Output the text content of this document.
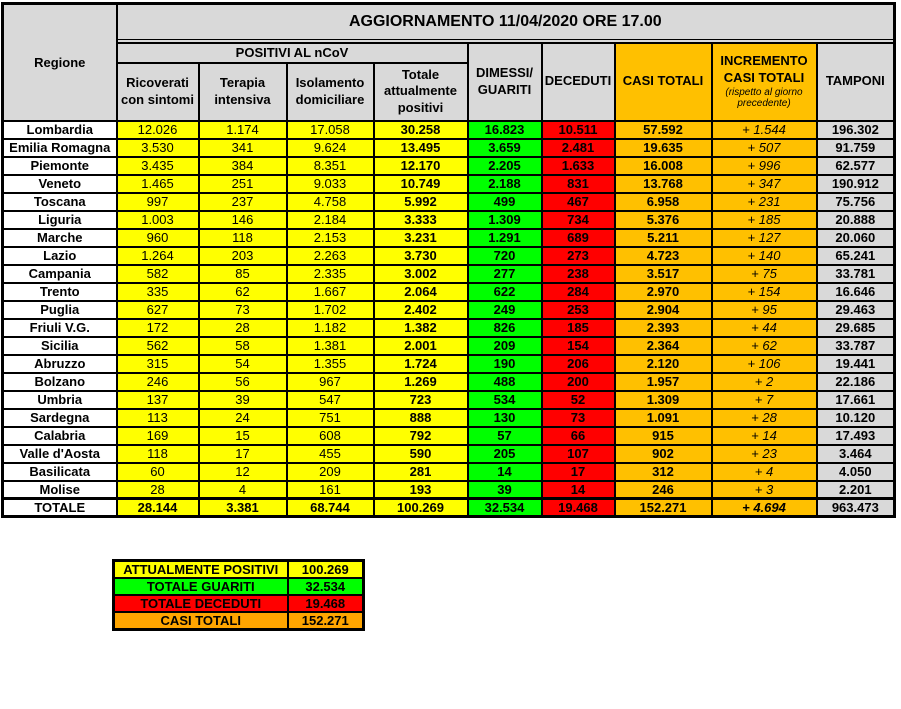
Regione	AGGIORNAMENTO 11/04/2020 ORE 17.00								

	POSITIVI AL nCoV				DIMESSI/ GUARITI	DECEDUTI	CASI TOTALI	INCREMENTO CASI TOTALI
(rispetto al giorno precedente)	TAMPONI
	Ricoverati con sintomi	Terapia intensiva	Isolamento domiciliare	Totale attualmente positivi					
Lombardia	12.026	1.174	17.058	30.258	16.823	10.511	57.592	+ 1.544	196.302
Emilia Romagna	3.530	341	9.624	13.495	3.659	2.481	19.635	+ 507	91.759
Piemonte	3.435	384	8.351	12.170	2.205	1.633	16.008	+ 996	62.577
Veneto	1.465	251	9.033	10.749	2.188	831	13.768	+ 347	190.912
Toscana	997	237	4.758	5.992	499	467	6.958	+ 231	75.756
Liguria	1.003	146	2.184	3.333	1.309	734	5.376	+ 185	20.888
Marche	960	118	2.153	3.231	1.291	689	5.211	+ 127	20.060
Lazio	1.264	203	2.263	3.730	720	273	4.723	+ 140	65.241
Campania	582	85	2.335	3.002	277	238	3.517	+ 75	33.781
Trento	335	62	1.667	2.064	622	284	2.970	+ 154	16.646
Puglia	627	73	1.702	2.402	249	253	2.904	+ 95	29.463
Friuli V.G.	172	28	1.182	1.382	826	185	2.393	+ 44	29.685
Sicilia	562	58	1.381	2.001	209	154	2.364	+ 62	33.787
Abruzzo	315	54	1.355	1.724	190	206	2.120	+ 106	19.441
Bolzano	246	56	967	1.269	488	200	1.957	+ 2	22.186
Umbria	137	39	547	723	534	52	1.309	+ 7	17.661
Sardegna	113	24	751	888	130	73	1.091	+ 28	10.120
Calabria	169	15	608	792	57	66	915	+ 14	17.493
Valle d'Aosta	118	17	455	590	205	107	902	+ 23	3.464
Basilicata	60	12	209	281	14	17	312	+ 4	4.050
Molise	28	4	161	193	39	14	246	+ 3	2.201
TOTALE	28.144	3.381	68.744	100.269	32.534	19.468	152.271	+ 4.694	963.473
ATTUALMENTE POSITIVI	100.269
TOTALE GUARITI	32.534
TOTALE DECEDUTI	19.468
CASI TOTALI	152.271
